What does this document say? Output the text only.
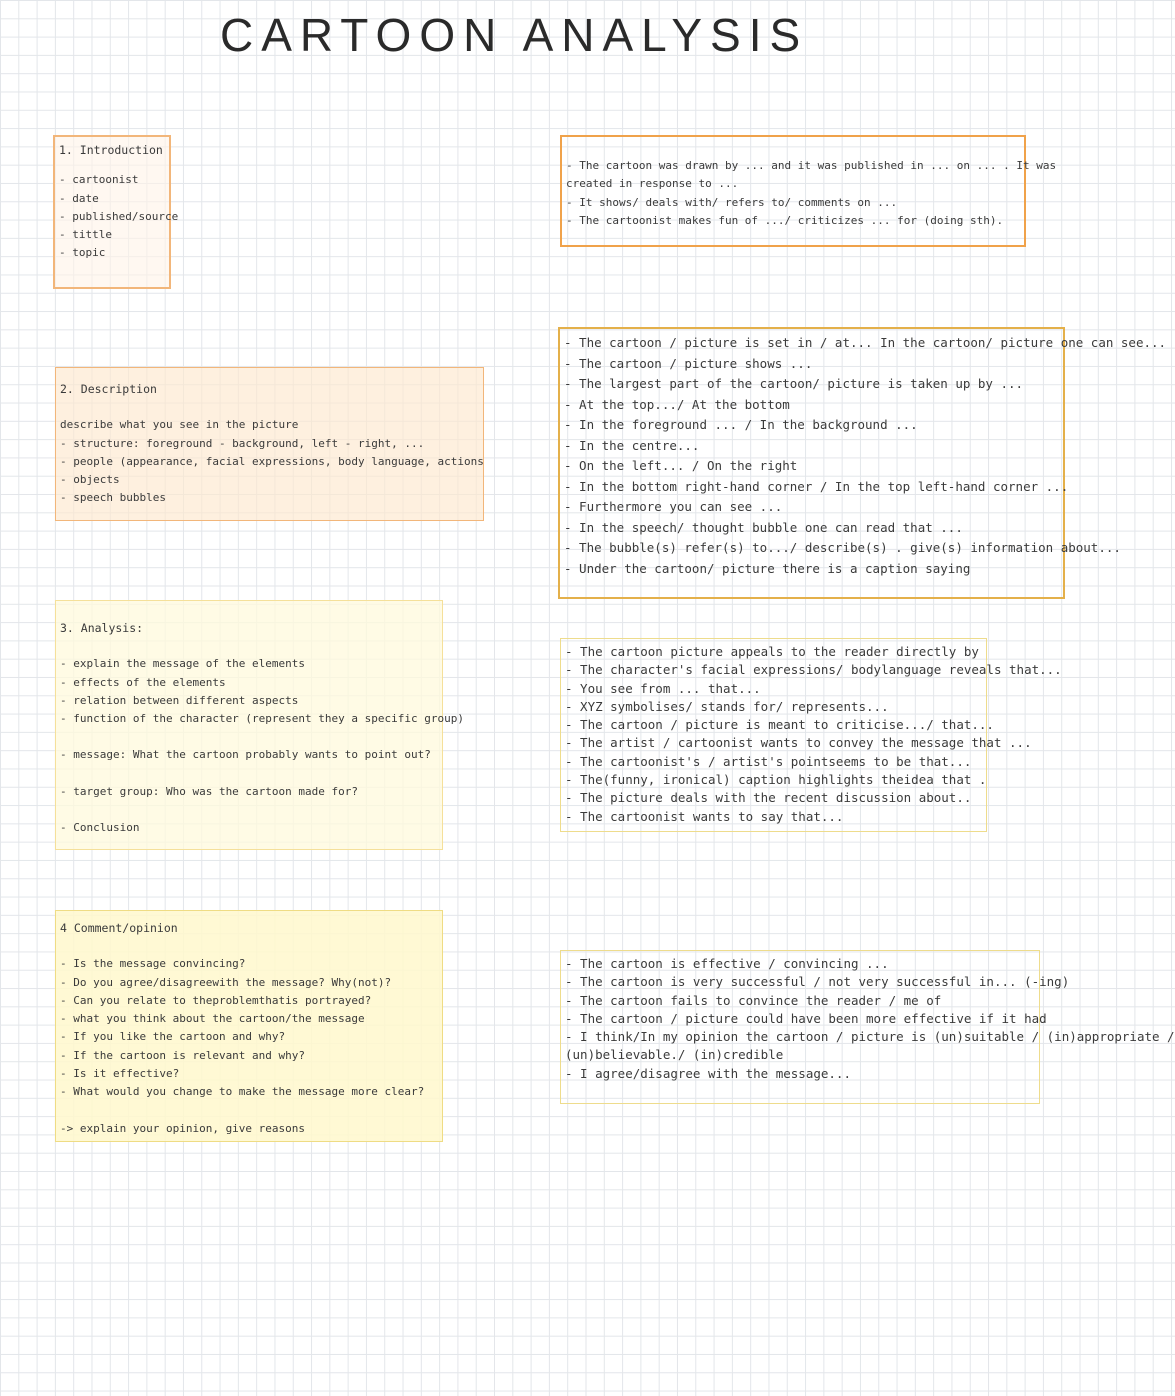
CARTOON ANALYSIS
1. Introduction
- cartoonist
- date
- published/source
- tittle
- topic
- The cartoon was drawn by ... and it was published in ... on ... . It was
created in response to ...
- It shows/ deals with/ refers to/ comments on ...
- The cartoonist makes fun of .../ criticizes ... for (doing sth).
2. Description
describe what you see in the picture
- structure: foreground - background, left - right, ...
- people (appearance, facial expressions, body language, actions
- objects
- speech bubbles
- The cartoon / picture is set in / at... In the cartoon/ picture one can see...
- The cartoon / picture shows ...
- The largest part of the cartoon/ picture is taken up by ...
- At the top.../ At the bottom
- In the foreground ... / In the background ...
- In the centre...
- On the left... / On the right
- In the bottom right-hand corner / In the top left-hand corner ...
- Furthermore you can see ...
- In the speech/ thought bubble one can read that ...
- The bubble(s) refer(s) to.../ describe(s) . give(s) information about...
- Under the cartoon/ picture there is a caption saying
3. Analysis:
- explain the message of the elements
- effects of the elements
- relation between different aspects
- function of the character (represent they a specific group)
- message: What the cartoon probably wants to point out?
- target group: Who was the cartoon made for?
- Conclusion
- The cartoon picture appeals to the reader directly by
- The character's facial expressions/ bodylanguage reveals that...
- You see from ... that...
- XYZ symbolises/ stands for/ represents...
- The cartoon / picture is meant to criticise.../ that...
- The artist / cartoonist wants to convey the message that ...
- The cartoonist's / artist's pointseems to be that...
- The(funny, ironical) caption highlights theidea that .
- The picture deals with the recent discussion about..
- The cartoonist wants to say that...
4 Comment/opinion
- Is the message convincing?
- Do you agree/disagreewith the message? Why(not)?
- Can you relate to theproblemthatis portrayed?
- what you think about the cartoon/the message
- If you like the cartoon and why?
- If the cartoon is relevant and why?
- Is it effective?
- What would you change to make the message more clear?
-> explain your opinion, give reasons
- The cartoon is effective / convincing ...
- The cartoon is very successful / not very successful in... (-ing)
- The cartoon fails to convince the reader / me of
- The cartoon / picture could have been more effective if it had
- I think/In my opinion the cartoon / picture is (un)suitable / (in)appropriate /
(un)believable./ (in)credible
- I agree/disagree with the message...
